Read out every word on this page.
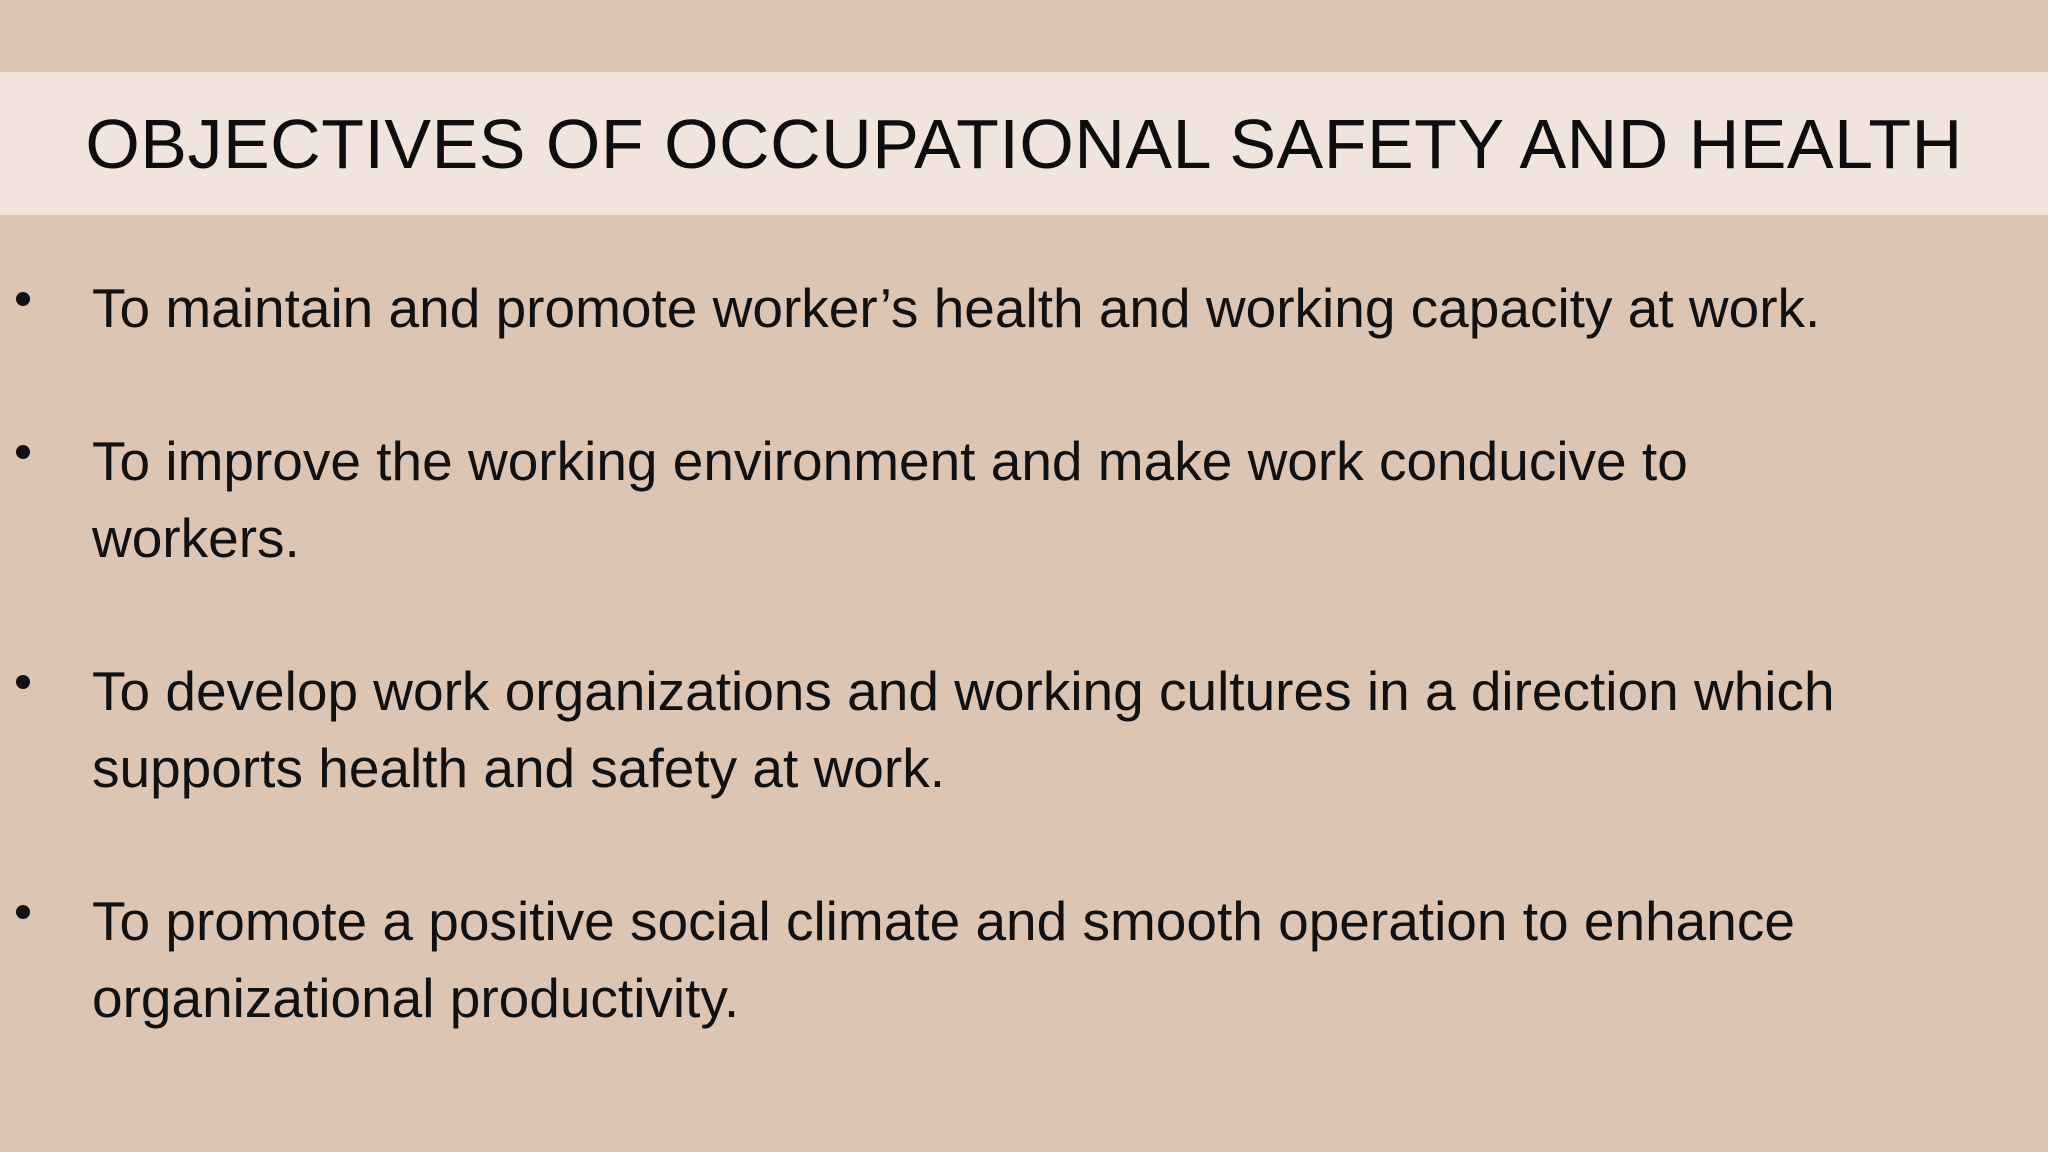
OBJECTIVES OF OCCUPATIONAL SAFETY AND HEALTH

To maintain and promote worker’s health and working capacity at work.

To improve the working environment and make work conducive to workers.

To develop work organizations and working cultures in a direction which supports health and safety at work.

To promote a positive social climate and smooth operation to enhance organizational productivity.
